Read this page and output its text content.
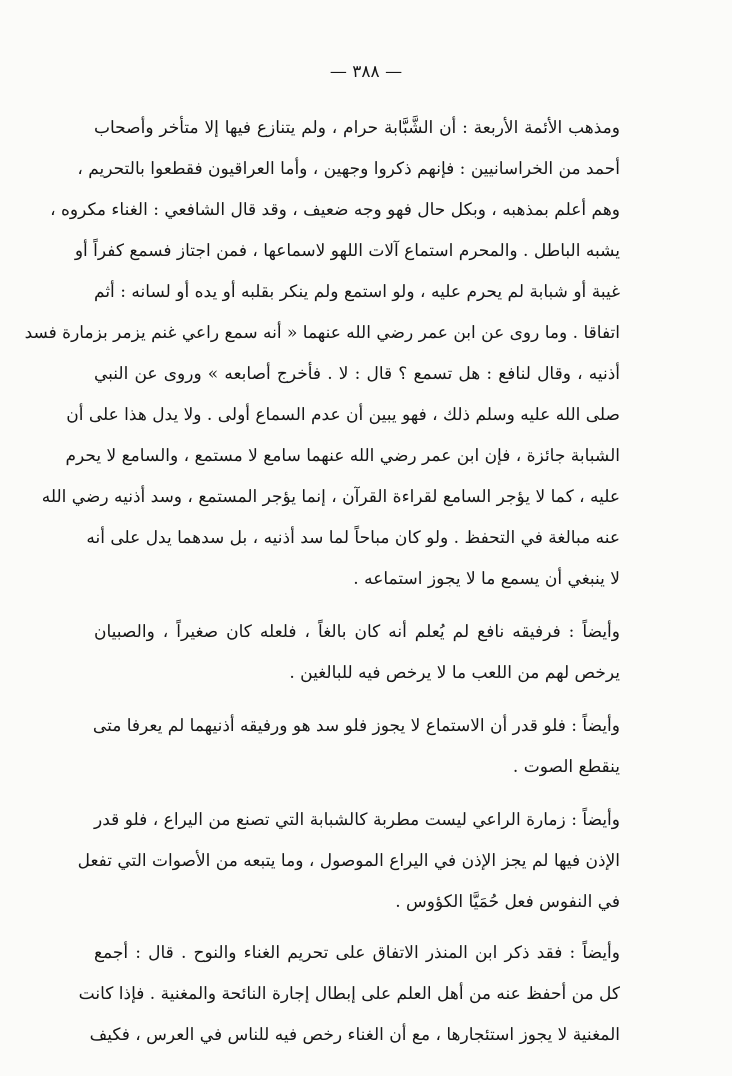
— ٣٨٨ —

ومذهب الأئمة الأربعة : أن الشَّبَّابة حرام ، ولم يتنازع فيها إلا متأخر وأصحاب
أحمد من الخراسانيين : فإنهم ذكروا وجهين ، وأما العراقيون فقطعوا بالتحريم ،
وهم أعلم بمذهبه ، وبكل حال فهو وجه ضعيف ، وقد قال الشافعي : الغناء مكروه ،
يشبه الباطل . والمحرم استماع آلات اللهو لاسماعها ، فمن اجتاز فسمع كفراً أو
غيبة أو شبابة لم يحرم عليه ، ولو استمع ولم ينكر بقلبه أو يده أو لسانه : أثم
اتفاقا . وما روى عن ابن عمر رضي الله عنهما « أنه سمع راعي غنم يزمر بزمارة فسد
أذنيه ، وقال لنافع : هل تسمع ؟ قال : لا . فأخرج أصابعه » وروى عن النبي
صلى الله عليه وسلم ذلك ، فهو يبين أن عدم السماع أولى . ولا يدل هذا على أن
الشبابة جائزة ، فإن ابن عمر رضي الله عنهما سامع لا مستمع ، والسامع لا يحرم
عليه ، كما لا يؤجر السامع لقراءة القرآن ، إنما يؤجر المستمع ، وسد أذنيه رضي الله
عنه مبالغة في التحفظ . ولو كان مباحاً لما سد أذنيه ، بل سدهما يدل على أنه
لا ينبغي أن يسمع ما لا يجوز استماعه .

وأيضاً : فرفيقه نافع لم يُعلم أنه كان بالغاً ، فلعله كان صغيراً ، والصبيان
يرخص لهم من اللعب ما لا يرخص فيه للبالغين .

وأيضاً : فلو قدر أن الاستماع لا يجوز فلو سد هو ورفيقه أذنيهما لم يعرفا متى
ينقطع الصوت .

وأيضاً : زمارة الراعي ليست مطربة كالشبابة التي تصنع من اليراع ، فلو قدر
الإذن فيها لم يجز الإذن في اليراع الموصول ، وما يتبعه من الأصوات التي تفعل
في النفوس فعل حُمَيَّا الكؤوس .

وأيضاً : فقد ذكر ابن المنذر الاتفاق على تحريم الغناء والنوح . قال : أجمع
كل من أحفظ عنه من أهل العلم على إبطال إجارة النائحة والمغنية . فإذا كانت
المغنية لا يجوز استئجارها ، مع أن الغناء رخص فيه للناس في العرس ، فكيف
